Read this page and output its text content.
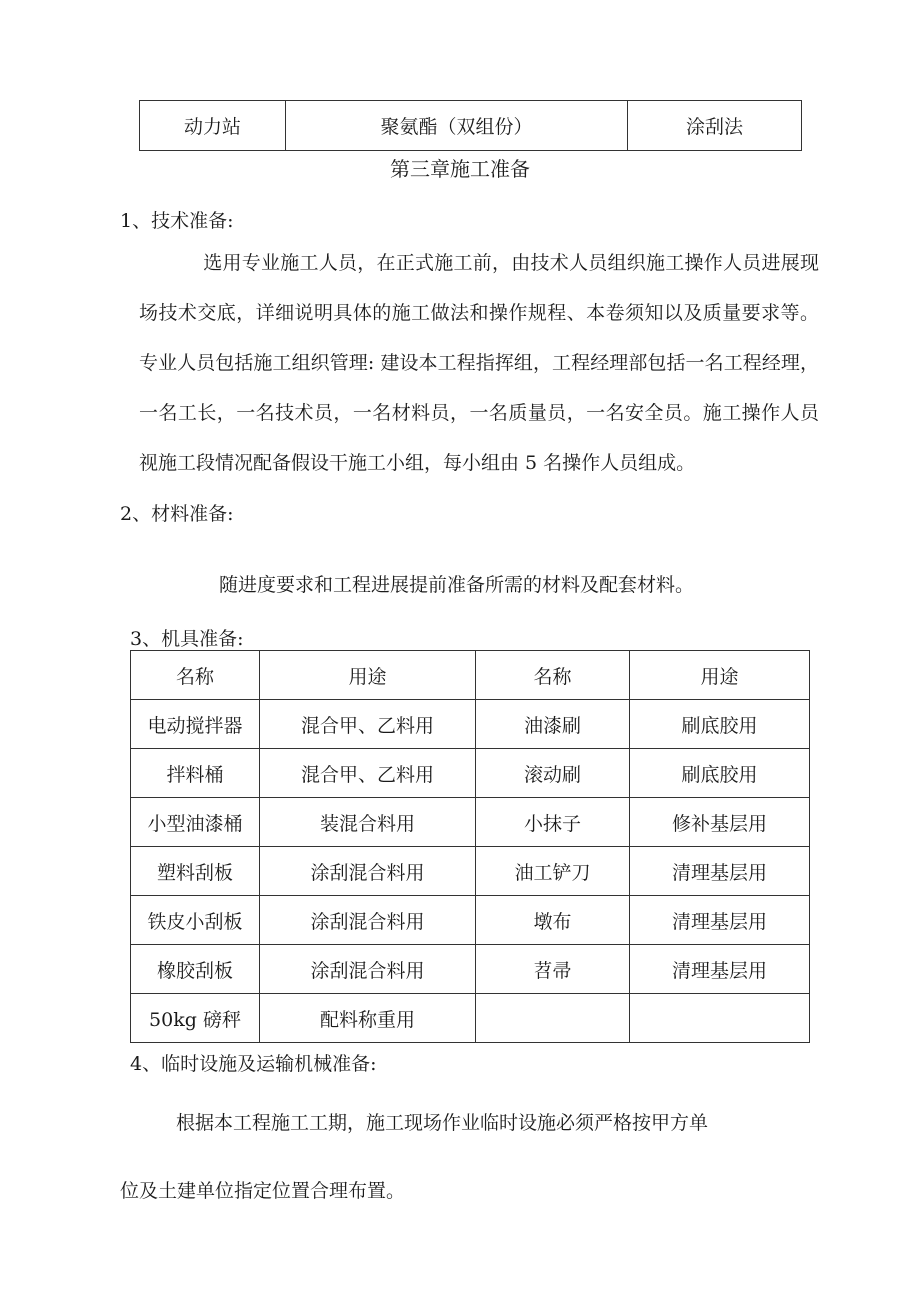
动力站	聚氨酯（双组份）	涂刮法
第三章施工准备
1、技术准备:
选用专业施工人员，在正式施工前，由技术人员组织施工操作人员进展现场技术交底，详细说明具体的施工做法和操作规程、本卷须知以及质量要求等。专业人员包括施工组织管理: 建设本工程指挥组，工程经理部包括一名工程经理，一名工长，一名技术员，一名材料员，一名质量员，一名安全员。施工操作人员视施工段情况配备假设干施工小组，每小组由 5 名操作人员组成。
2、材料准备:
随进度要求和工程进展提前准备所需的材料及配套材料。
3、机具准备:
名称	用途	名称	用途
电动搅拌器	混合甲、乙料用	油漆刷	刷底胶用
拌料桶	混合甲、乙料用	滚动刷	刷底胶用
小型油漆桶	装混合料用	小抹子	修补基层用
塑料刮板	涂刮混合料用	油工铲刀	清理基层用
铁皮小刮板	涂刮混合料用	墩布	清理基层用
橡胶刮板	涂刮混合料用	苕帚	清理基层用
50kg 磅秤	配料称重用		
4、临时设施及运输机械准备:
根据本工程施工工期，施工现场作业临时设施必须严格按甲方单
位及土建单位指定位置合理布置。
